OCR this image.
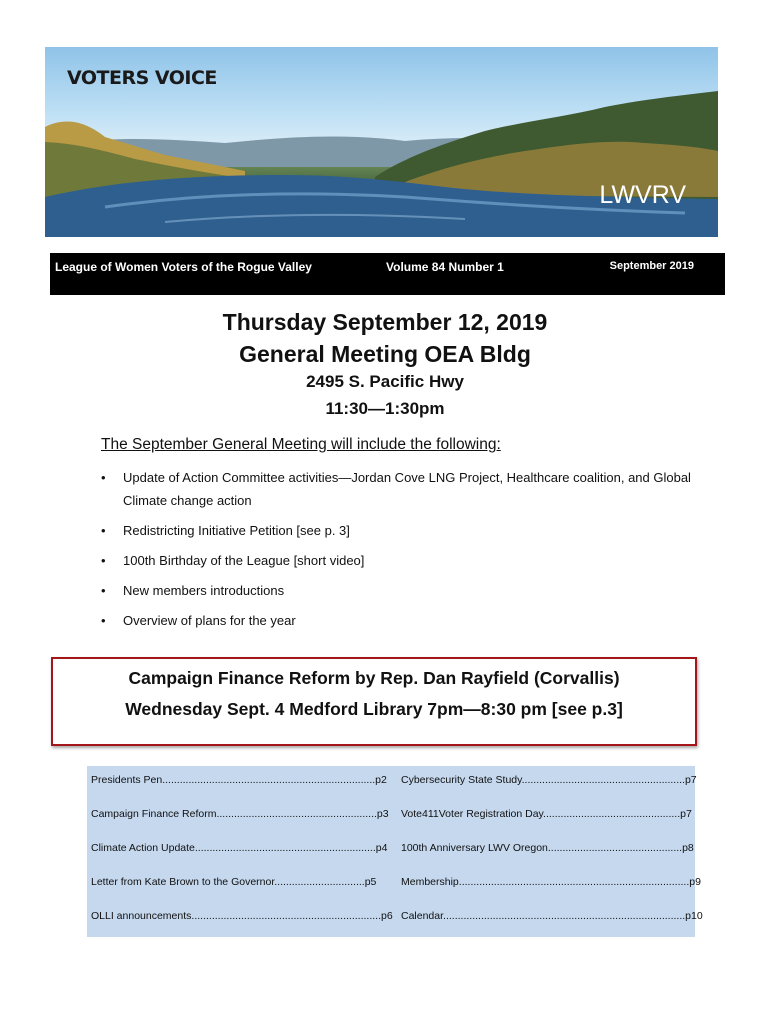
VOTERS VOICE
LWVRV
League of Women Voters of the Rogue Valley	Volume 84 Number 1	September 2019
Thursday September 12, 2019
General Meeting OEA Bldg
2495 S. Pacific Hwy
11:30—1:30pm
The September General Meeting will include the following:
• Update of Action Committee activities—Jordan Cove LNG Project, Healthcare coalition, and Global Climate change action
• Redistricting Initiative Petition [see p. 3]
• 100th Birthday of the League [short video]
• New members introductions
• Overview of plans for the year
Campaign Finance Reform by Rep. Dan Rayfield (Corvallis)
Wednesday Sept. 4 Medford Library 7pm—8:30 pm [see p.3]
Presidents Pen.........................................................................p2
Campaign Finance Reform.......................................................p3
Climate Action Update..............................................................p4
Letter from Kate Brown to the Governor...............................p5
OLLI announcements.................................................................p6
Cybersecurity State Study........................................................p7
Vote411Voter Registration Day...............................................p7
100th Anniversary LWV Oregon..............................................p8
Membership...............................................................................p9
Calendar...................................................................................p10
